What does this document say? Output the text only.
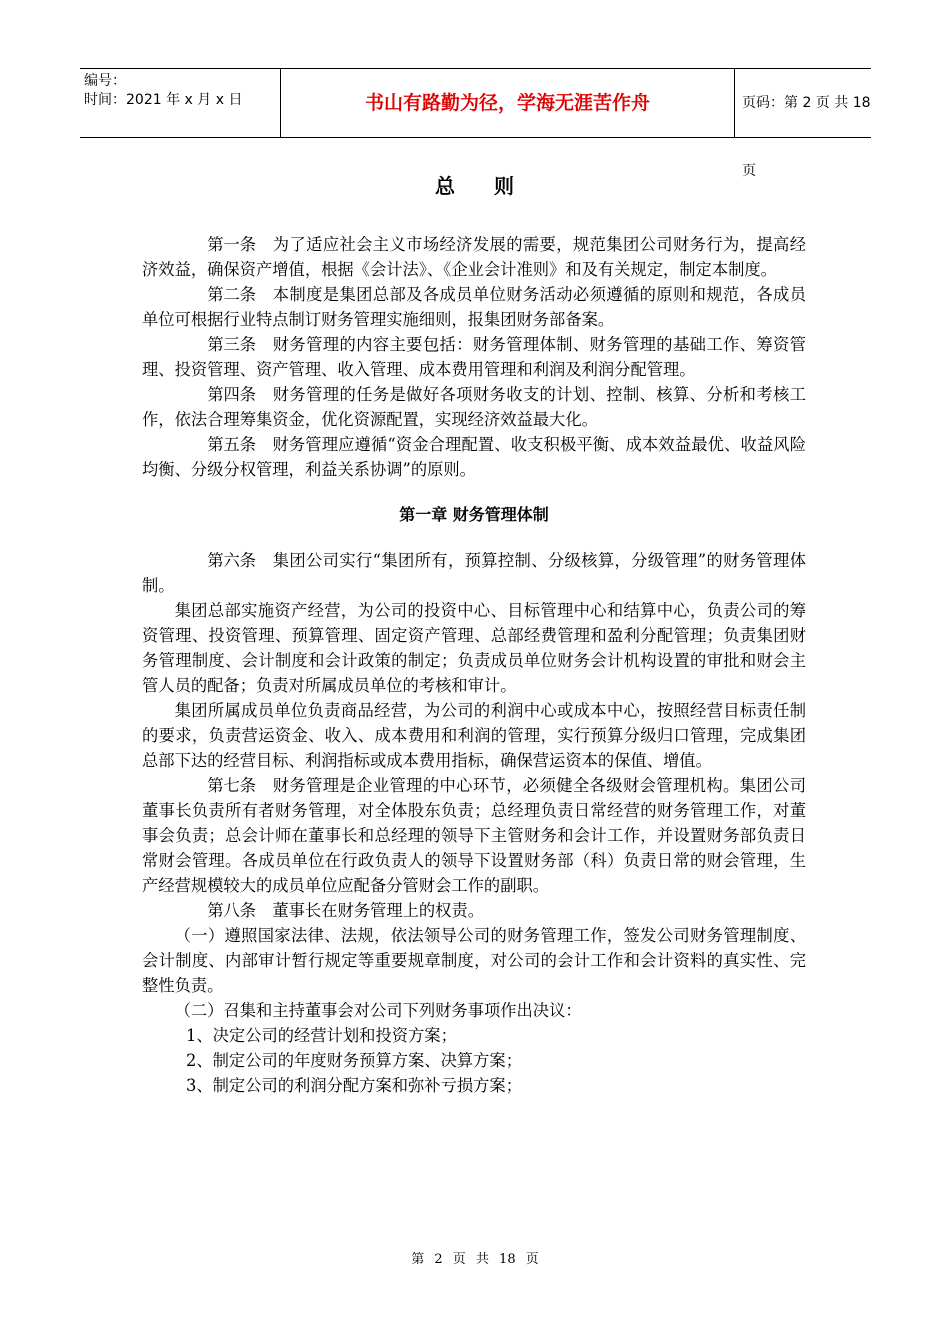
编号：
时间：2021 年 x 月 x 日	书山有路勤为径，学海无涯苦作舟	页码：第 2 页 共 18 页
总 则

第一条 为了适应社会主义市场经济发展的需要，规范集团公司财务行为，提高经济效益，确保资产增值，根据《会计法》、《企业会计准则》和及有关规定，制定本制度。

第二条 本制度是集团总部及各成员单位财务活动必须遵循的原则和规范，各成员单位可根据行业特点制订财务管理实施细则，报集团财务部备案。

第三条 财务管理的内容主要包括：财务管理体制、财务管理的基础工作、筹资管理、投资管理、资产管理、收入管理、成本费用管理和利润及利润分配管理。

第四条 财务管理的任务是做好各项财务收支的计划、控制、核算、分析和考核工作，依法合理筹集资金，优化资源配置，实现经济效益最大化。

第五条 财务管理应遵循“资金合理配置、收支积极平衡、成本效益最优、收益风险均衡、分级分权管理，利益关系协调”的原则。

第一章 财务管理体制

第六条 集团公司实行“集团所有，预算控制、分级核算，分级管理”的财务管理体制。

集团总部实施资产经营，为公司的投资中心、目标管理中心和结算中心，负责公司的筹资管理、投资管理、预算管理、固定资产管理、总部经费管理和盈利分配管理；负责集团财务管理制度、会计制度和会计政策的制定；负责成员单位财务会计机构设置的审批和财会主管人员的配备；负责对所属成员单位的考核和审计。

集团所属成员单位负责商品经营，为公司的利润中心或成本中心，按照经营目标责任制的要求，负责营运资金、收入、成本费用和利润的管理，实行预算分级归口管理，完成集团总部下达的经营目标、利润指标或成本费用指标，确保营运资本的保值、增值。

第七条 财务管理是企业管理的中心环节，必须健全各级财会管理机构。集团公司董事长负责所有者财务管理，对全体股东负责；总经理负责日常经营的财务管理工作，对董事会负责；总会计师在董事长和总经理的领导下主管财务和会计工作，并设置财务部负责日常财会管理。各成员单位在行政负责人的领导下设置财务部（科）负责日常的财会管理，生产经营规模较大的成员单位应配备分管财会工作的副职。

第八条 董事长在财务管理上的权责。

（一）遵照国家法律、法规，依法领导公司的财务管理工作，签发公司财务管理制度、会计制度、内部审计暂行规定等重要规章制度，对公司的会计工作和会计资料的真实性、完整性负责。

（二）召集和主持董事会对公司下列财务事项作出决议：

1、决定公司的经营计划和投资方案；

2、制定公司的年度财务预算方案、决算方案；

3、制定公司的利润分配方案和弥补亏损方案；

第 2 页 共 18 页
